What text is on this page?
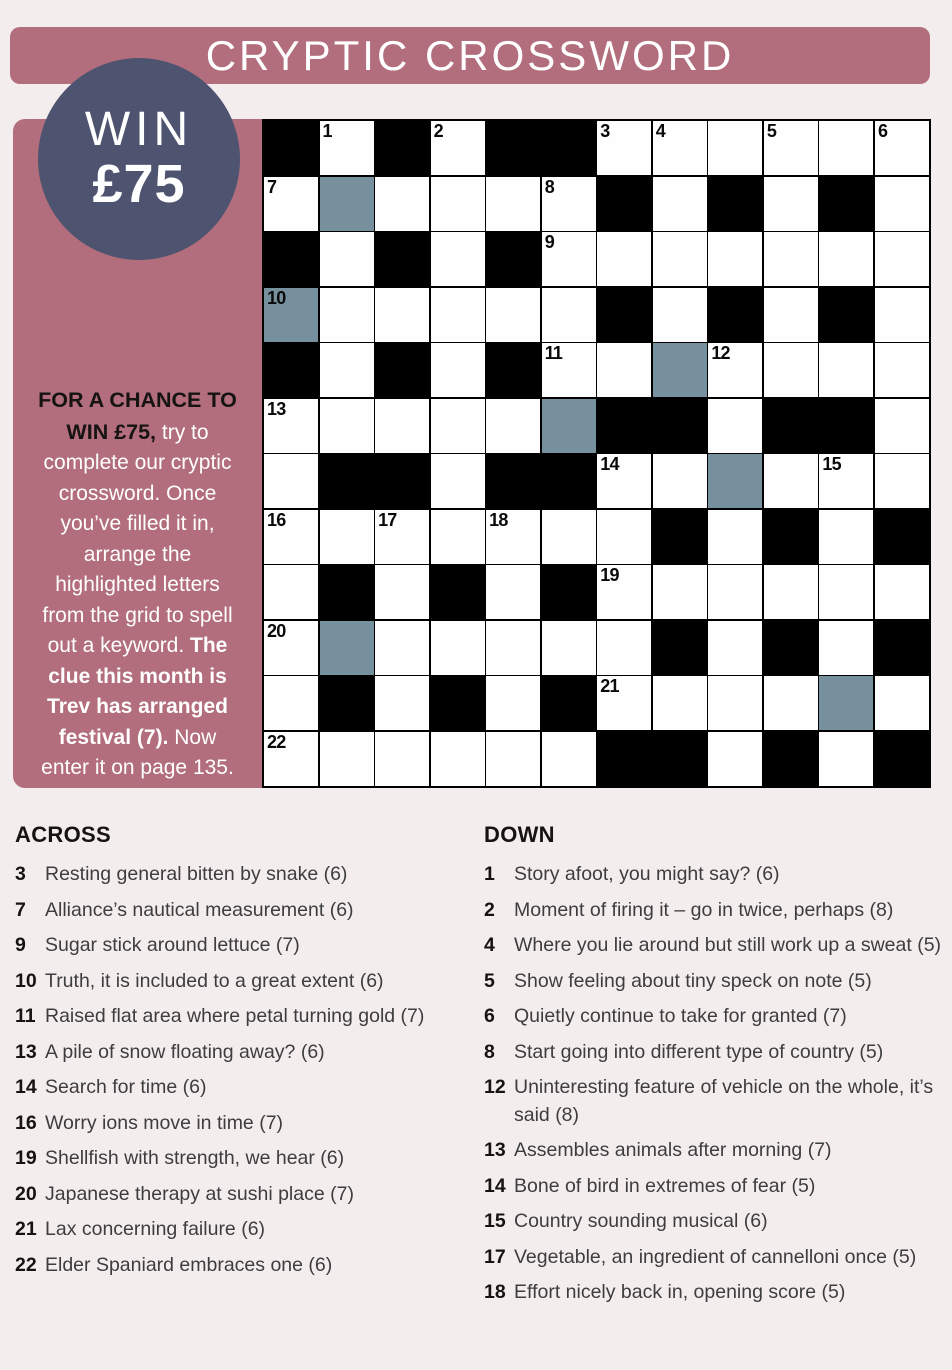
CRYPTIC CROSSWORD
FOR A CHANCE TO WIN £75, try to complete our cryptic crossword. Once you’ve filled it in, arrange the highlighted letters from the grid to spell out a keyword. The clue this month is Trev has arranged festival (7). Now enter it on page 135.
WIN
£75
1	2	3	4	5	6
7	8
9
10
11	12
13
14	15
16	17	18
19
20
21
22
ACROSS
3 Resting general bitten by snake (6)
7 Alliance’s nautical measurement (6)
9 Sugar stick around lettuce (7)
10 Truth, it is included to a great extent (6)
11 Raised flat area where petal turning gold (7)
13 A pile of snow floating away? (6)
14 Search for time (6)
16 Worry ions move in time (7)
19 Shellfish with strength, we hear (6)
20 Japanese therapy at sushi place (7)
21 Lax concerning failure (6)
22 Elder Spaniard embraces one (6)
DOWN
1 Story afoot, you might say? (6)
2 Moment of firing it – go in twice, perhaps (8)
4 Where you lie around but still work up a sweat (5)
5 Show feeling about tiny speck on note (5)
6 Quietly continue to take for granted (7)
8 Start going into different type of country (5)
12 Uninteresting feature of vehicle on the whole, it’s said (8)
13 Assembles animals after morning (7)
14 Bone of bird in extremes of fear (5)
15 Country sounding musical (6)
17 Vegetable, an ingredient of cannelloni once (5)
18 Effort nicely back in, opening score (5)
